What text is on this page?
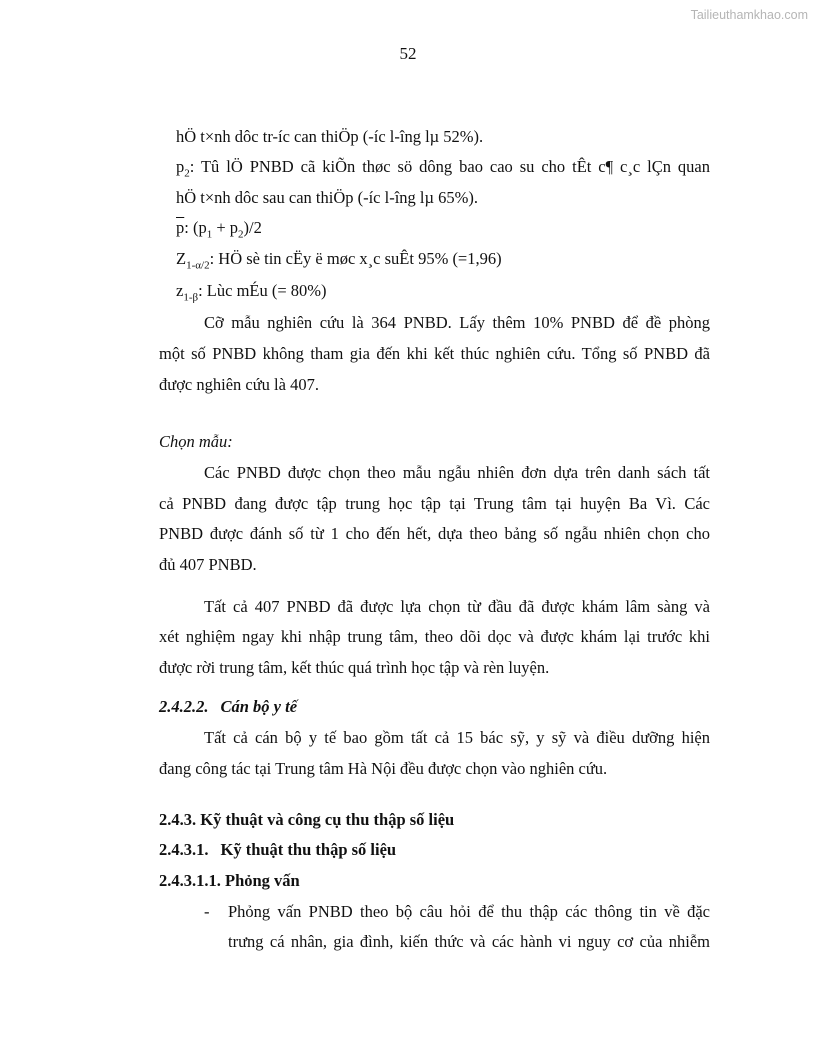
Tailieuthamkhao.com
52
hÖ t×nh dôc tr-íc can thiÖp (-íc l-îng lµ 52%).
$p_2$: Tû lÖ PNBD cã kiÕn thøc sö dông bao cao su cho tÊt c¶ c¸c lÇn quan
hÖ t×nh dôc sau can thiÖp (-íc l-îng lµ 65%).
$\overline{p}$: $(p_1 + p_2)/2$
$Z_{1-\alpha/2}$: HÖ sè tin cËy ë møc x¸c suÊt 95% (=1,96)
$z_{1-\beta}$: Lùc mÉu (= 80%)
Cỡ mẫu nghiên cứu là 364 PNBD. Lấy thêm 10% PNBD để đề phòng
một số PNBD không tham gia đến khi kết thúc nghiên cứu. Tổng số PNBD đã
được nghiên cứu là 407.
Chọn mẫu:
Các PNBD được chọn theo mẫu ngẫu nhiên đơn dựa trên danh sách tất
cả PNBD đang được tập trung học tập tại Trung tâm tại huyện Ba Vì. Các
PNBD được đánh số từ 1 cho đến hết, dựa theo bảng số ngẫu nhiên chọn cho
đủ 407 PNBD.
Tất cả 407 PNBD đã được lựa chọn từ đầu đã được khám lâm sàng và
xét nghiệm ngay khi nhập trung tâm, theo dõi dọc và được khám lại trước khi
được rời trung tâm, kết thúc quá trình học tập và rèn luyện.
2.4.2.2. Cán bộ y tế
Tất cả cán bộ y tế bao gồm tất cả 15 bác sỹ, y sỹ và điều dưỡng hiện
đang công tác tại Trung tâm Hà Nội đều được chọn vào nghiên cứu.
2.4.3. Kỹ thuật và công cụ thu thập số liệu
2.4.3.1. Kỹ thuật thu thập số liệu
2.4.3.1.1. Phỏng vấn
- Phỏng vấn PNBD theo bộ câu hỏi để thu thập các thông tin về đặc
trưng cá nhân, gia đình, kiến thức và các hành vi nguy cơ của nhiễm
